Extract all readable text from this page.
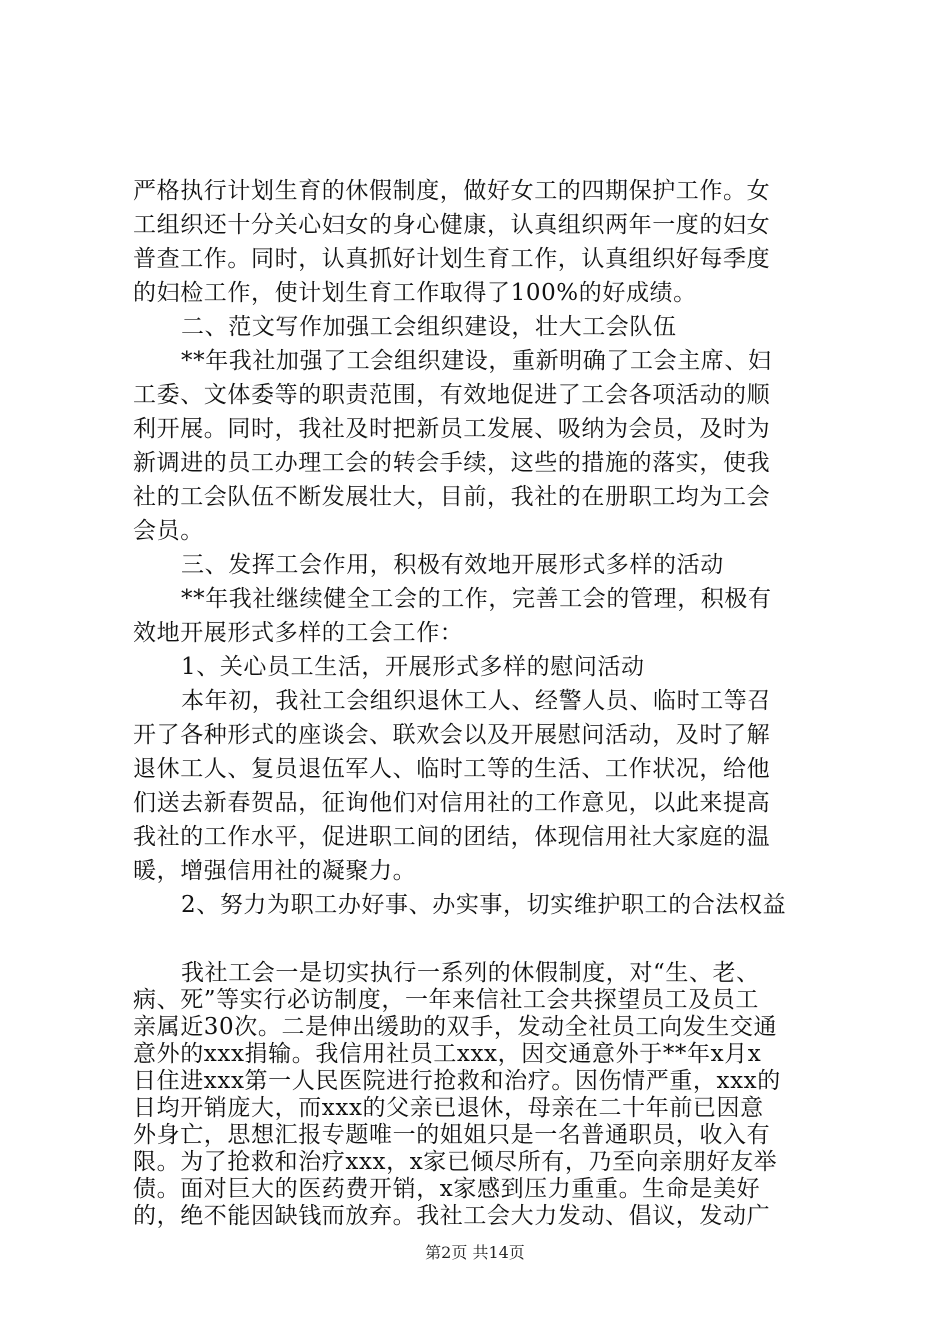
严格执行计划生育的休假制度，做好女工的四期保护工作。女
工组织还十分关心妇女的身心健康，认真组织两年一度的妇女
普查工作。同时，认真抓好计划生育工作，认真组织好每季度
的妇检工作，使计划生育工作取得了100%的好成绩。
二、范文写作加强工会组织建设，壮大工会队伍
**年我社加强了工会组织建设，重新明确了工会主席、妇
工委、文体委等的职责范围，有效地促进了工会各项活动的顺
利开展。同时，我社及时把新员工发展、吸纳为会员，及时为
新调进的员工办理工会的转会手续，这些的措施的落实，使我
社的工会队伍不断发展壮大，目前，我社的在册职工均为工会
会员。
三、发挥工会作用，积极有效地开展形式多样的活动
**年我社继续健全工会的工作，完善工会的管理，积极有
效地开展形式多样的工会工作：
1、关心员工生活，开展形式多样的慰问活动
本年初，我社工会组织退休工人、经警人员、临时工等召
开了各种形式的座谈会、联欢会以及开展慰问活动，及时了解
退休工人、复员退伍军人、临时工等的生活、工作状况，给他
们送去新春贺品，征询他们对信用社的工作意见，以此来提高
我社的工作水平，促进职工间的团结，体现信用社大家庭的温
暖，增强信用社的凝聚力。
2、努力为职工办好事、办实事，切实维护职工的合法权益
我社工会一是切实执行一系列的休假制度，对“生、老、
病、死”等实行必访制度，一年来信社工会共探望员工及员工
亲属近30次。二是伸出缓助的双手，发动全社员工向发生交通
意外的xxx捐输。我信用社员工xxx，因交通意外于**年x月x
日住进xxx第一人民医院进行抢救和治疗。因伤情严重，xxx的
日均开销庞大，而xxx的父亲已退休，母亲在二十年前已因意
外身亡，思想汇报专题唯一的姐姐只是一名普通职员，收入有
限。为了抢救和治疗xxx，x家已倾尽所有，乃至向亲朋好友举
第2页 共14页
债。面对巨大的医药费开销，x家感到压力重重。生命是美好
的，绝不能因缺钱而放弃。我社工会大力发动、倡议，发动广
